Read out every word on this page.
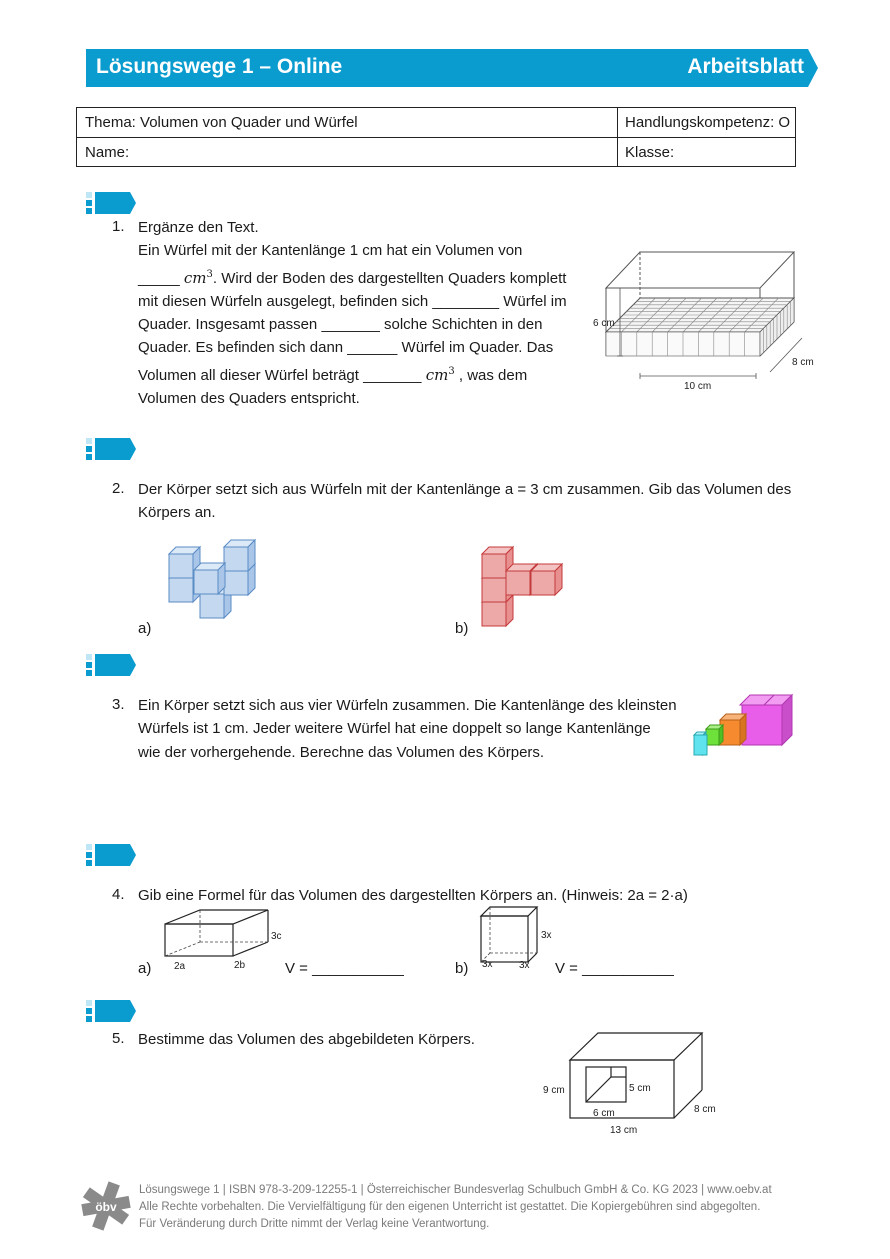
Lösungswege 1 – Online	Arbeitsblatt
Thema: Volumen von Quader und Würfel	Handlungskompetenz: O
Name:	Klasse:
1. Ergänze den Text.
Ein Würfel mit der Kantenlänge 1 cm hat ein Volumen von
_____ $cm^3$. Wird der Boden des dargestellten Quaders komplett
mit diesen Würfeln ausgelegt, befinden sich ________ Würfel im
Quader. Insgesamt passen _______ solche Schichten in den
Quader. Es befinden sich dann ______ Würfel im Quader. Das
Volumen all dieser Würfel beträgt _______ $cm^3$ , was dem
Volumen des Quaders entspricht.
6 cm
8 cm
10 cm
2. Der Körper setzt sich aus Würfeln mit der Kantenlänge a = 3 cm zusammen. Gib das Volumen des
Körpers an.
a)	b)
3. Ein Körper setzt sich aus vier Würfeln zusammen. Die Kantenlänge des kleinsten
Würfels ist 1 cm. Jeder weitere Würfel hat eine doppelt so lange Kantenlänge
wie der vorhergehende. Berechne das Volumen des Körpers.
4. Gib eine Formel für das Volumen des dargestellten Körpers an. (Hinweis: 2a = 2·a)
2a	2b
3c
a)	V = ___________	3x	3x
3x
b)	V = ___________
5. Bestimme das Volumen des abgebildeten Körpers.
9 cm	5 cm
6 cm	8 cm
13 cm
öbv
Lösungswege 1 | ISBN 978-3-209-12255-1 | Österreichischer Bundesverlag Schulbuch GmbH & Co. KG 2023 | www.oebv.at
Alle Rechte vorbehalten. Die Vervielfältigung für den eigenen Unterricht ist gestattet. Die Kopiergebühren sind abgegolten.
Für Veränderung durch Dritte nimmt der Verlag keine Verantwortung.
